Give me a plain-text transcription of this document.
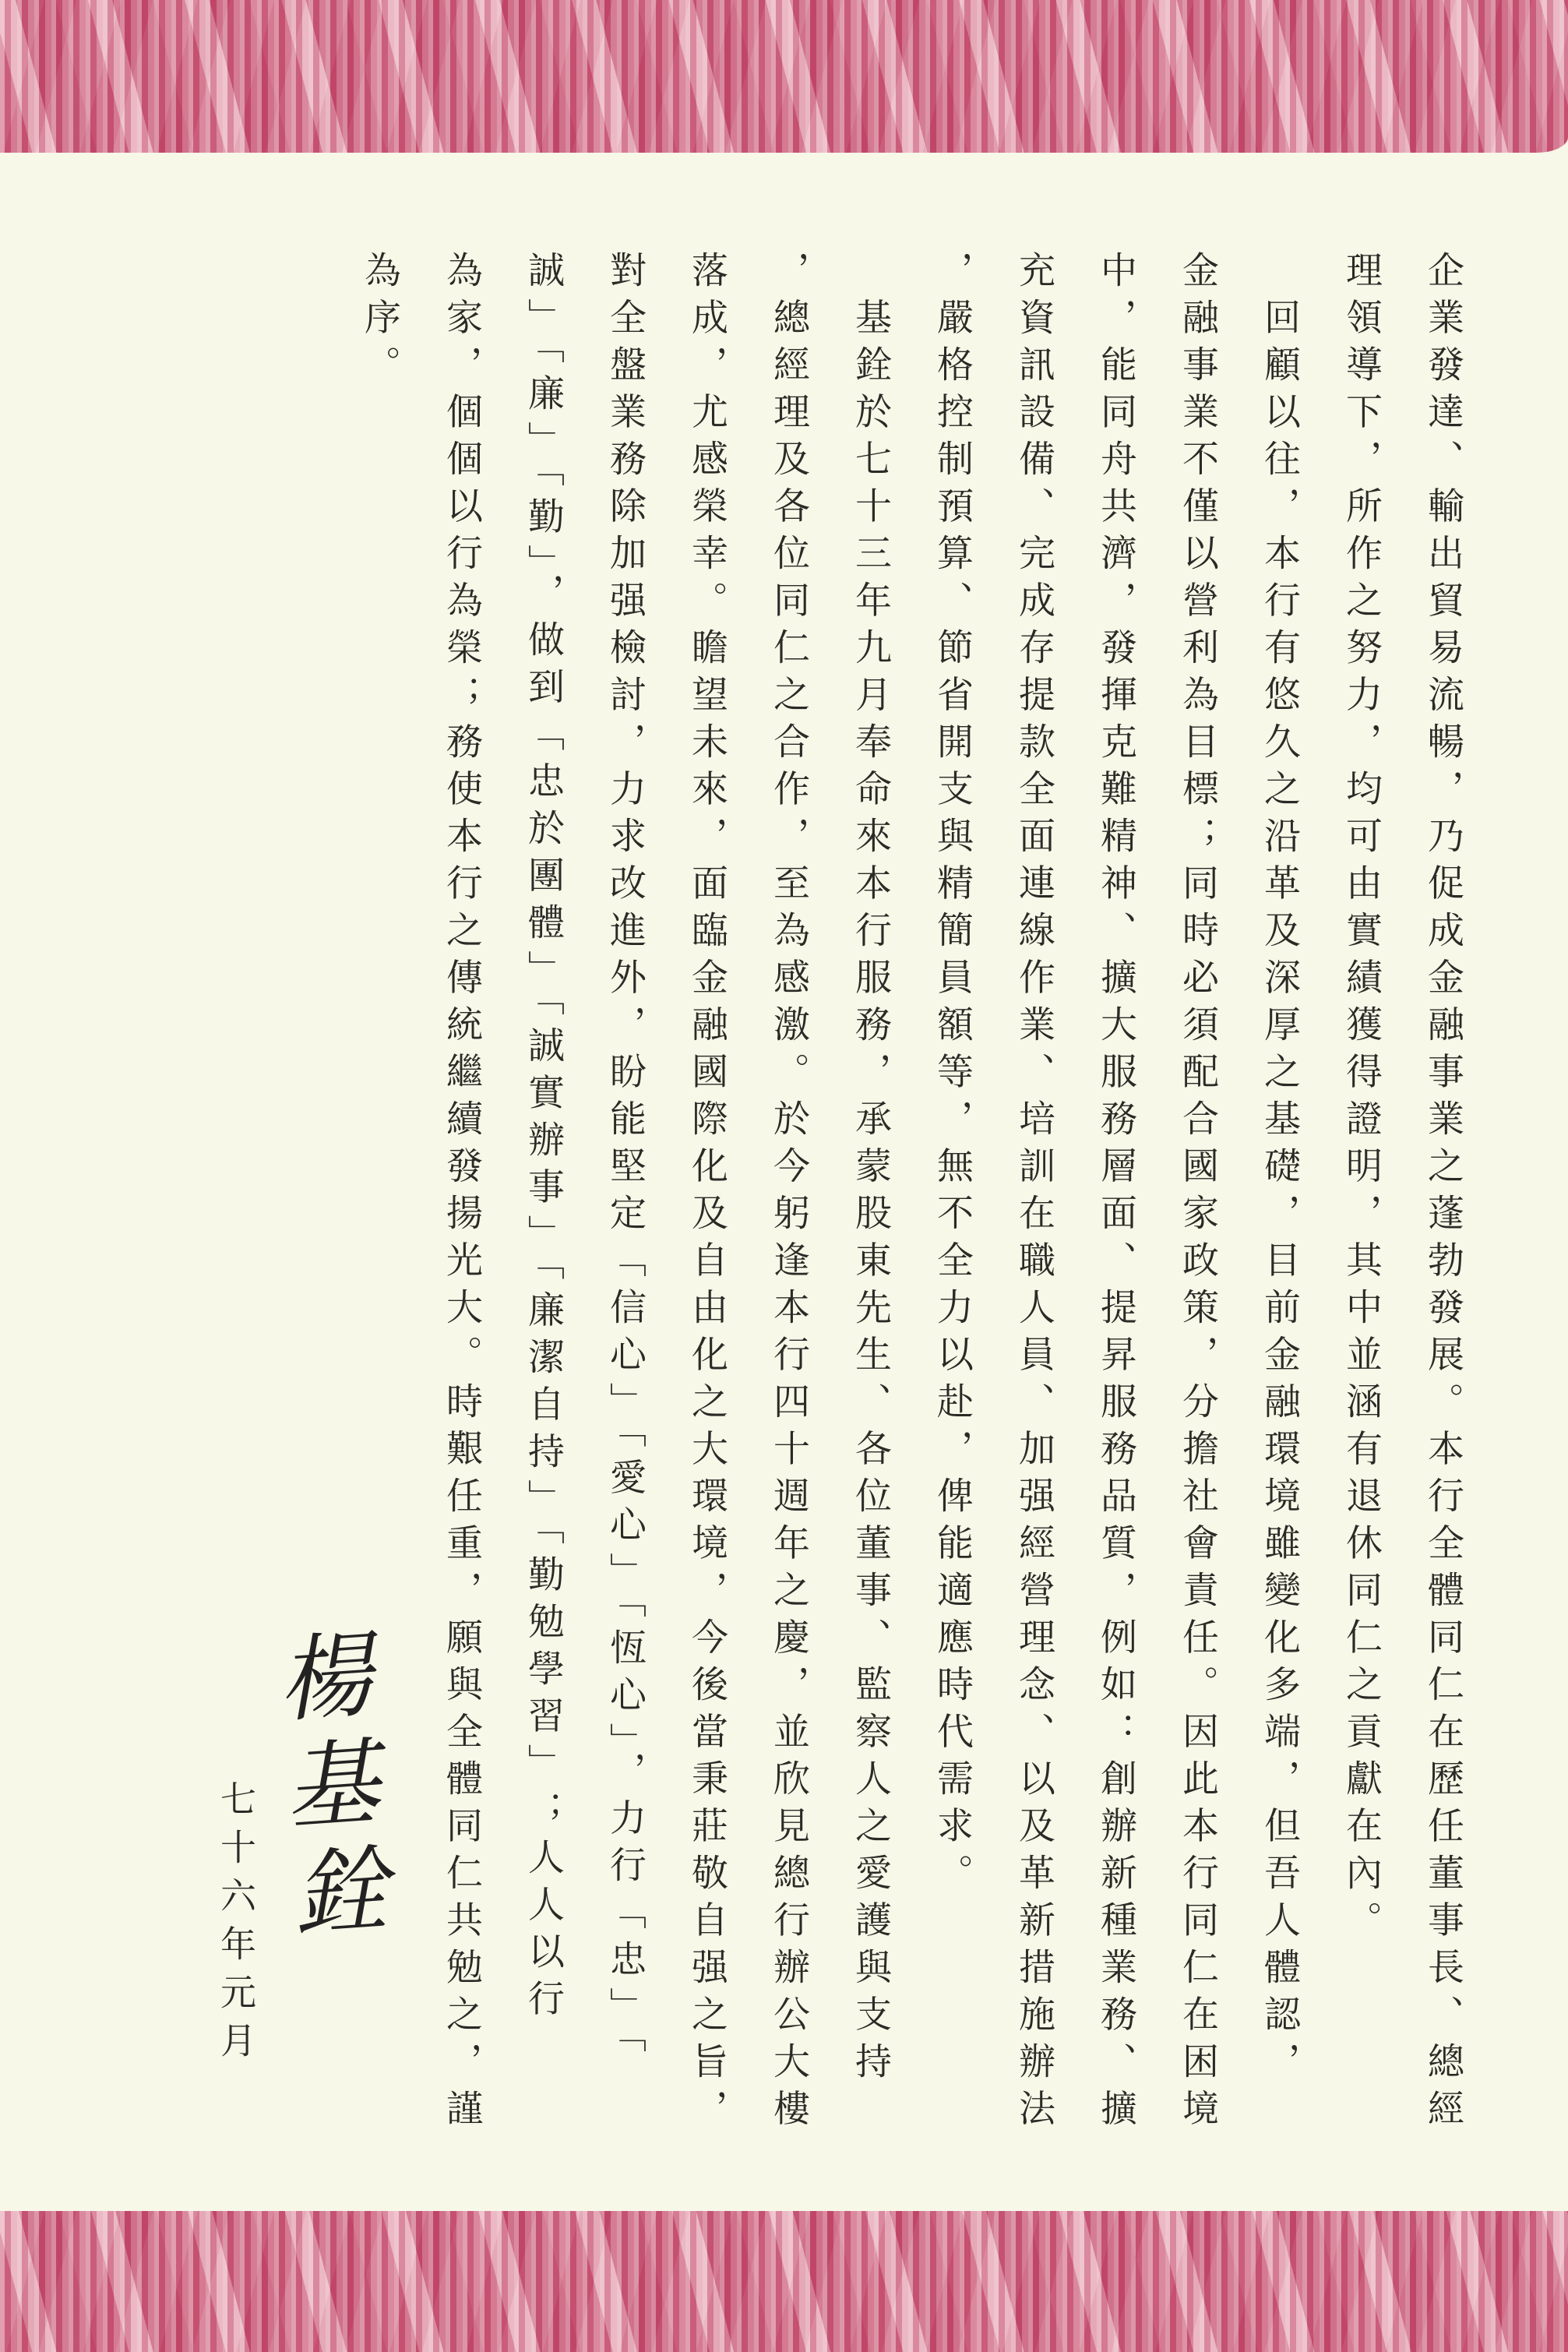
企業發達、輸出貿易流暢，乃促成金融事業之蓬勃發展。本行全體同仁在歷任董事長、總經
理領導下，所作之努力，均可由實績獲得證明，其中並涵有退休同仁之貢獻在內。
　回顧以往，本行有悠久之沿革及深厚之基礎，目前金融環境雖變化多端，但吾人體認，
金融事業不僅以營利為目標；同時必須配合國家政策，分擔社會責任。因此本行同仁在困境
中，能同舟共濟，發揮克難精神、擴大服務層面、提昇服務品質，例如：創辦新種業務、擴
充資訊設備、完成存提款全面連線作業、培訓在職人員、加强經營理念、以及革新措施辦法
，嚴格控制預算、節省開支與精簡員額等，無不全力以赴，俾能適應時代需求。
　基銓於七十三年九月奉命來本行服務，承蒙股東先生、各位董事、監察人之愛護與支持
，總經理及各位同仁之合作，至為感激。於今躬逢本行四十週年之慶，並欣見總行辦公大樓
落成，尤感榮幸。瞻望未來，面臨金融國際化及自由化之大環境，今後當秉莊敬自强之旨，
對全盤業務除加强檢討，力求改進外，盼能堅定「信心」「愛心」「恆心」，力行「忠」「
誠」「廉」「勤」，做到「忠於團體」「誠實辦事」「廉潔自持」「勤勉學習」；人人以行
為家，個個以行為榮；務使本行之傳統繼續發揚光大。時艱任重，願與全體同仁共勉之，謹
為序。
楊基銓
七十六年元月
